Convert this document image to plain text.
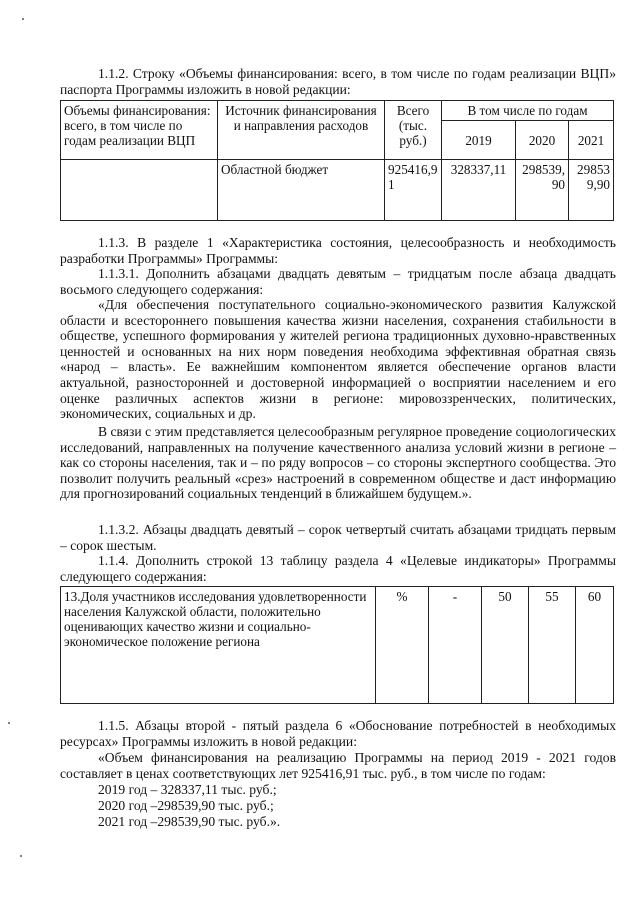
1.1.2. Строку «Объемы финансирования: всего, в том числе по годам реализации ВЦП» паспорта Программы изложить в новой редакции:

Объемы финансирования: всего, в том числе по годам реализации ВЦП	Источник финансирования и направления расходов	Всего (тыс. руб.)	В том числе по годам		
			2019	2020	2021
	Областной бюджет	925416,91	328337,11	298539,90	298539,90

1.1.3. В разделе 1 «Характеристика состояния, целесообразность и необходимость разработки Программы» Программы:

1.1.3.1. Дополнить абзацами двадцать девятым – тридцатым после абзаца двадцать восьмого следующего содержания:

«Для обеспечения поступательного социально-экономического развития Калужской области и всестороннего повышения качества жизни населения, сохранения стабильности в обществе, успешного формирования у жителей региона традиционных духовно-нравственных ценностей и основанных на них норм поведения необходима эффективная обратная связь «народ – власть». Ее важнейшим компонентом является обеспечение органов власти актуальной, разносторонней и достоверной информацией о восприятии населением и его оценке различных аспектов жизни в регионе: мировоззренческих, политических, экономических, социальных и др.

В связи с этим представляется целесообразным регулярное проведение социологических исследований, направленных на получение качественного анализа условий жизни в регионе – как со стороны населения, так и – по ряду вопросов – со стороны экспертного сообщества. Это позволит получить реальный «срез» настроений в современном обществе и даст информацию для прогнозирований социальных тенденций в ближайшем будущем.».

1.1.3.2. Абзацы двадцать девятый – сорок четвертый считать абзацами тридцать первым – сорок шестым.

1.1.4. Дополнить строкой 13 таблицу раздела 4 «Целевые индикаторы» Программы следующего содержания:

13.Доля участников исследования удовлетворенности населения Калужской области, положительно оценивающих качество жизни и социально-экономическое положение региона	%	-	50	55	60

1.1.5. Абзацы второй - пятый раздела 6 «Обоснование потребностей в необходимых ресурсах» Программы изложить в новой редакции:

«Объем финансирования на реализацию Программы на период 2019 - 2021 годов составляет в ценах соответствующих лет 925416,91 тыс. руб., в том числе по годам:

2019 год – 328337,11 тыс. руб.;

2020 год –298539,90 тыс. руб.;

2021 год –298539,90 тыс. руб.».
